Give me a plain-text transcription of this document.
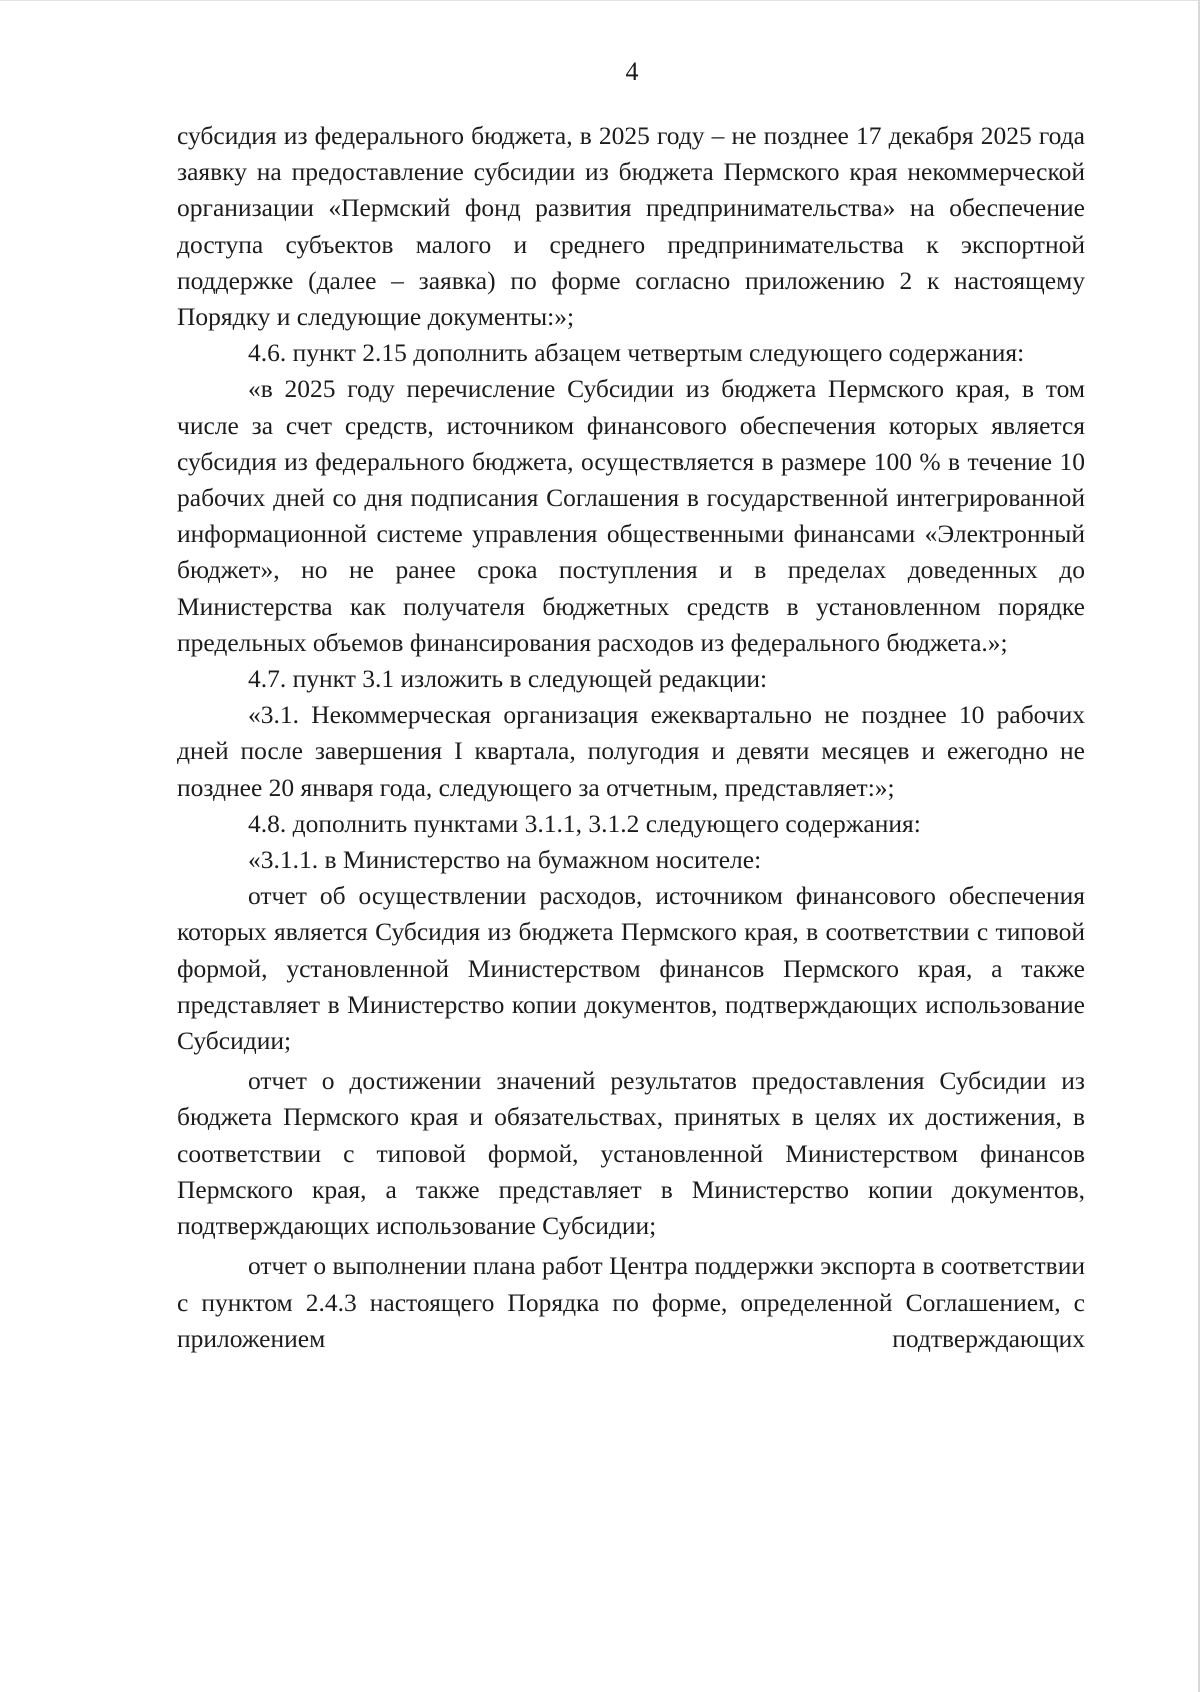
4

субсидия из федерального бюджета, в 2025 году – не позднее 17 декабря 2025 года заявку на предоставление субсидии из бюджета Пермского края некоммерческой организации «Пермский фонд развития предпринимательства» на обеспечение доступа субъектов малого и среднего предпринимательства к экспортной поддержке (далее – заявка) по форме согласно приложению 2 к настоящему Порядку и следующие документы:»;

4.6. пункт 2.15 дополнить абзацем четвертым следующего содержания:

«в 2025 году перечисление Субсидии из бюджета Пермского края, в том числе за счет средств, источником финансового обеспечения которых является субсидия из федерального бюджета, осуществляется в размере 100 % в течение 10 рабочих дней со дня подписания Соглашения в государственной интегрированной информационной системе управления общественными финансами «Электронный бюджет», но не ранее срока поступления и в пределах доведенных до Министерства как получателя бюджетных средств в установленном порядке предельных объемов финансирования расходов из федерального бюджета.»;

4.7. пункт 3.1 изложить в следующей редакции:

«3.1. Некоммерческая организация ежеквартально не позднее 10 рабочих дней после завершения I квартала, полугодия и девяти месяцев и ежегодно не позднее 20 января года, следующего за отчетным, представляет:»;

4.8. дополнить пунктами 3.1.1, 3.1.2 следующего содержания:

«3.1.1. в Министерство на бумажном носителе:

отчет об осуществлении расходов, источником финансового обеспечения которых является Субсидия из бюджета Пермского края, в соответствии с типовой формой, установленной Министерством финансов Пермского края, а также представляет в Министерство копии документов, подтверждающих использование Субсидии;

отчет о достижении значений результатов предоставления Субсидии из бюджета Пермского края и обязательствах, принятых в целях их достижения, в соответствии с типовой формой, установленной Министерством финансов Пермского края, а также представляет в Министерство копии документов, подтверждающих использование Субсидии;

отчет о выполнении плана работ Центра поддержки экспорта в соответствии с пунктом 2.4.3 настоящего Порядка по форме, определенной Соглашением, с приложением подтверждающих
